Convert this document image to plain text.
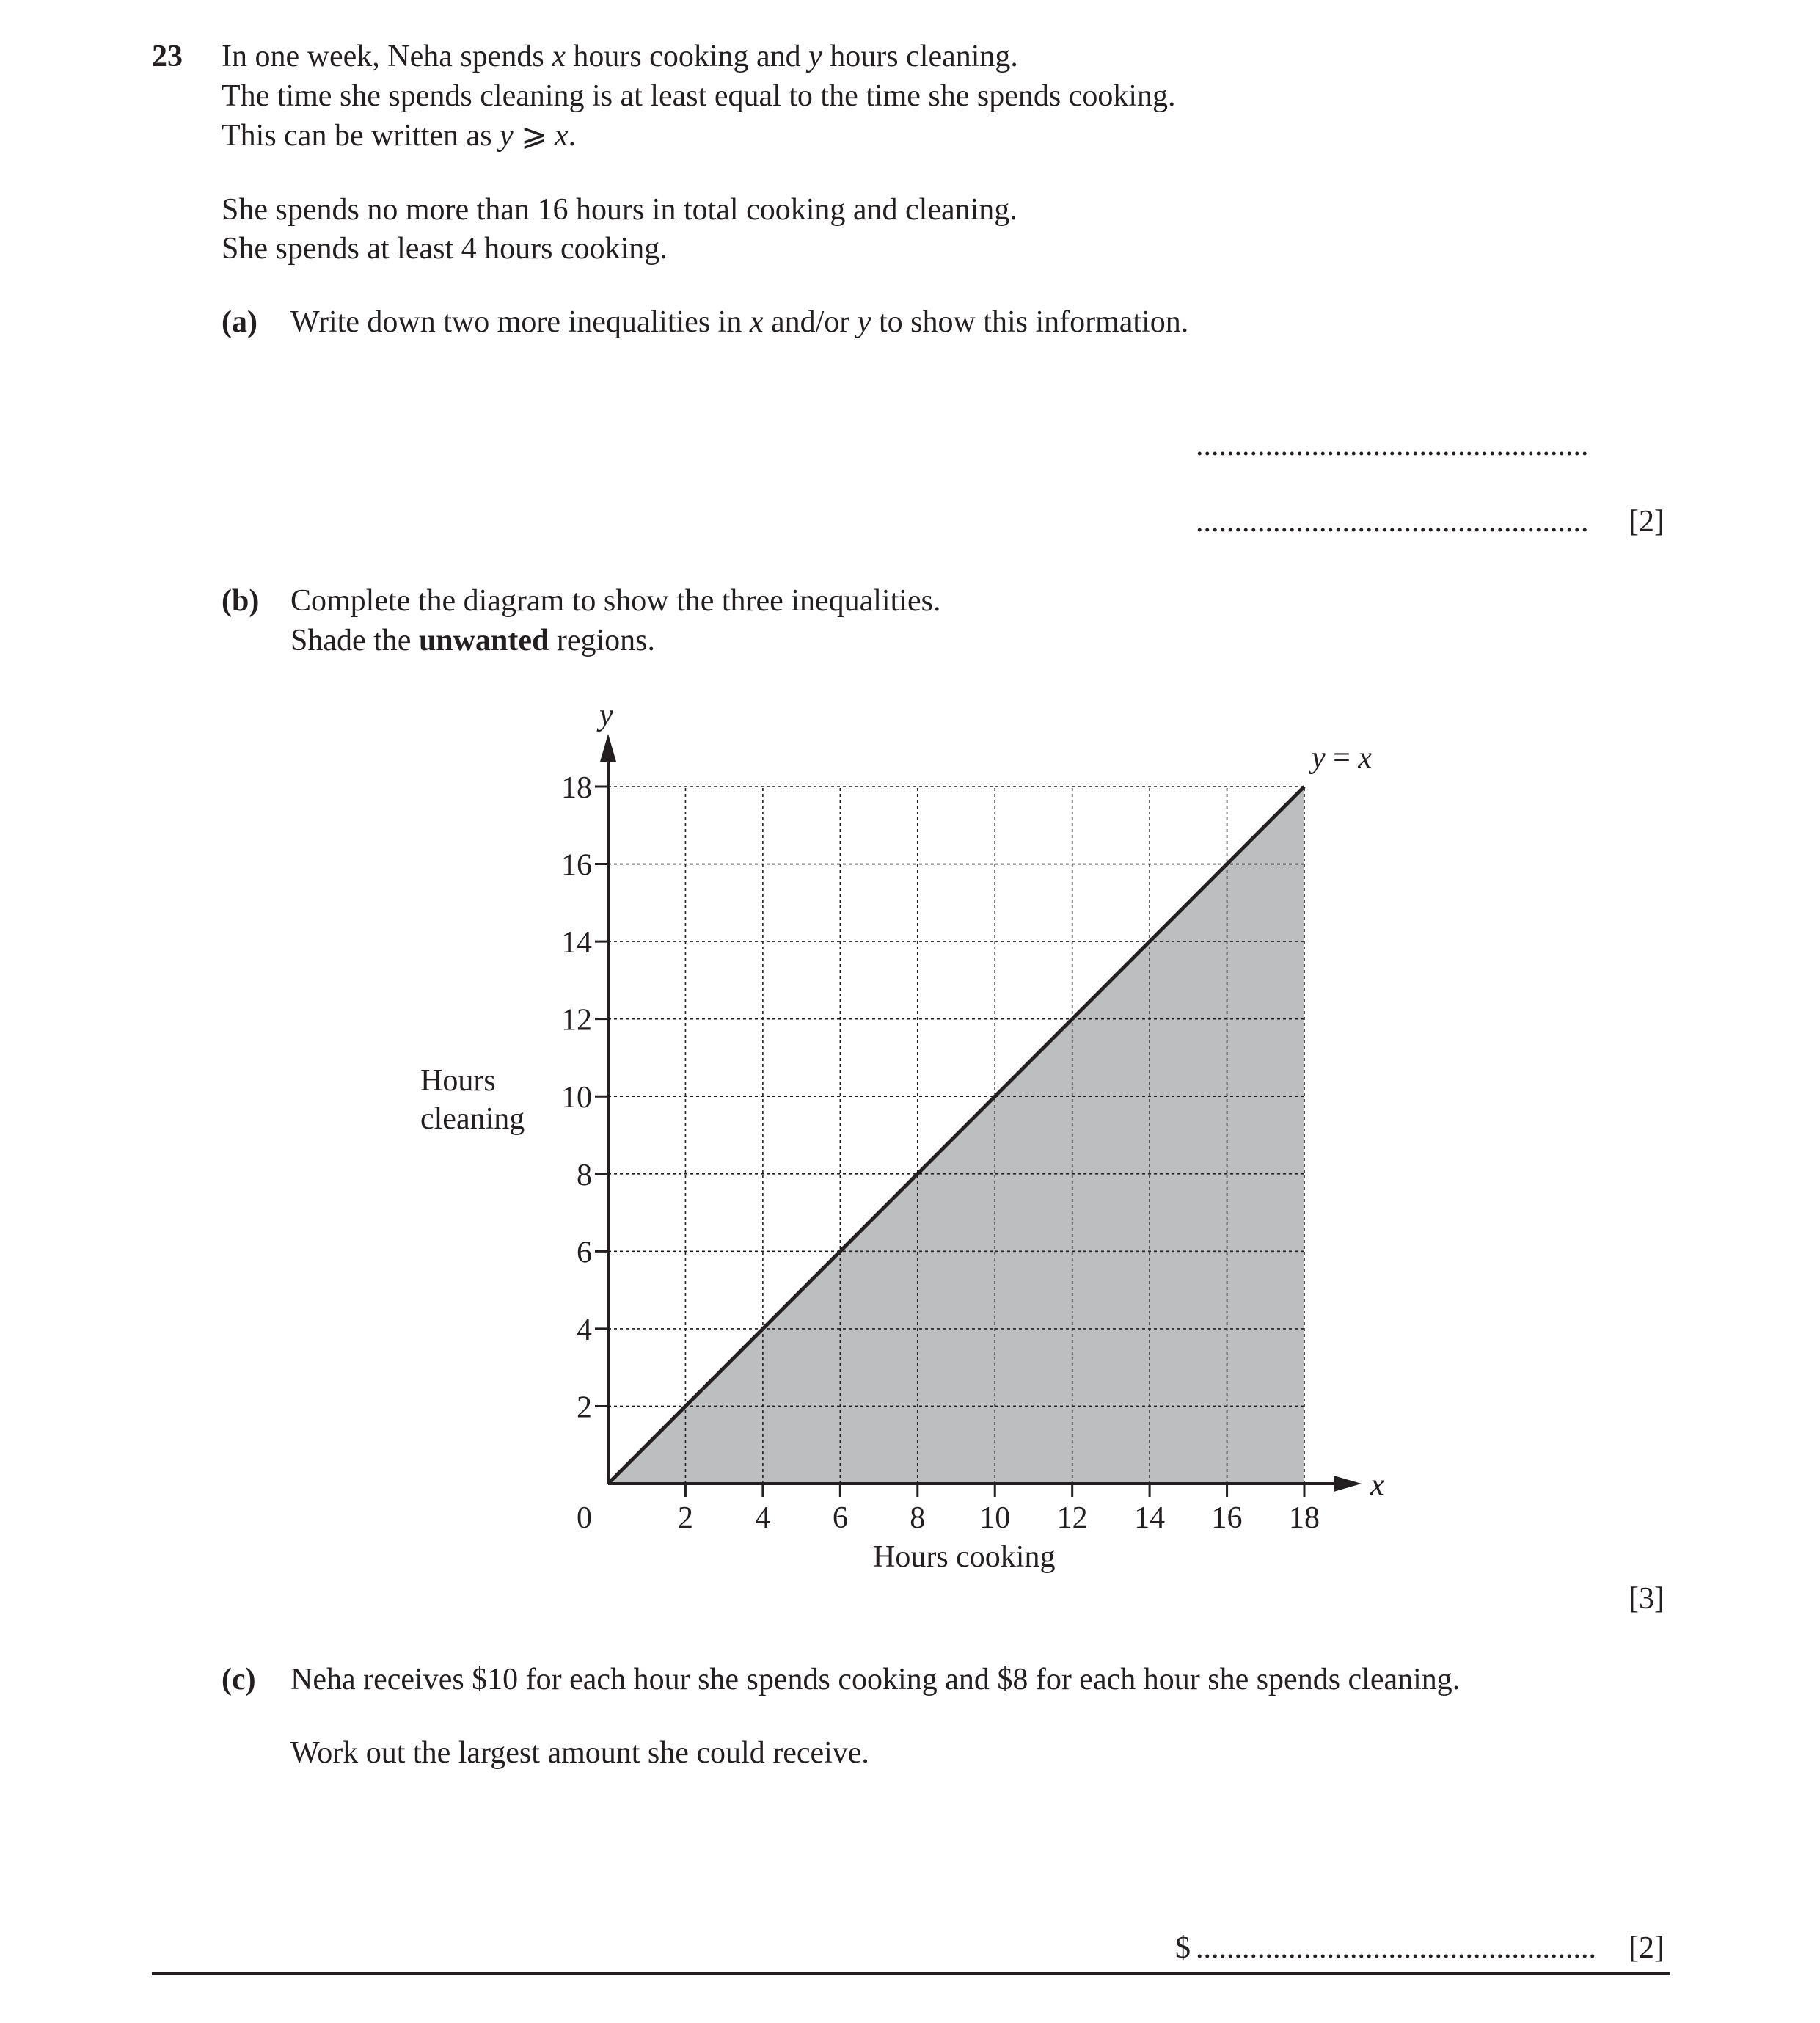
23 In one week, Neha spends x hours cooking and y hours cleaning.
The time she spends cleaning is at least equal to the time she spends cooking.
This can be written as y ⩾ x.
She spends no more than 16 hours in total cooking and cleaning.
She spends at least 4 hours cooking.
(a) Write down two more inequalities in x and/or y to show this information.
...................................................
................................................... [2]
(b) Complete the diagram to show the three inequalities.
Shade the unwanted regions.
2 4 6 8 10 12 14 16 18
2
4
6
8
10
12
14
16
18
0
x
y
y = x
Hours
cleaning
Hours cooking
[3]
(c) Neha receives $10 for each hour she spends cooking and $8 for each hour she spends cleaning.
Work out the largest amount she could receive.
$ .................................................... [2]
